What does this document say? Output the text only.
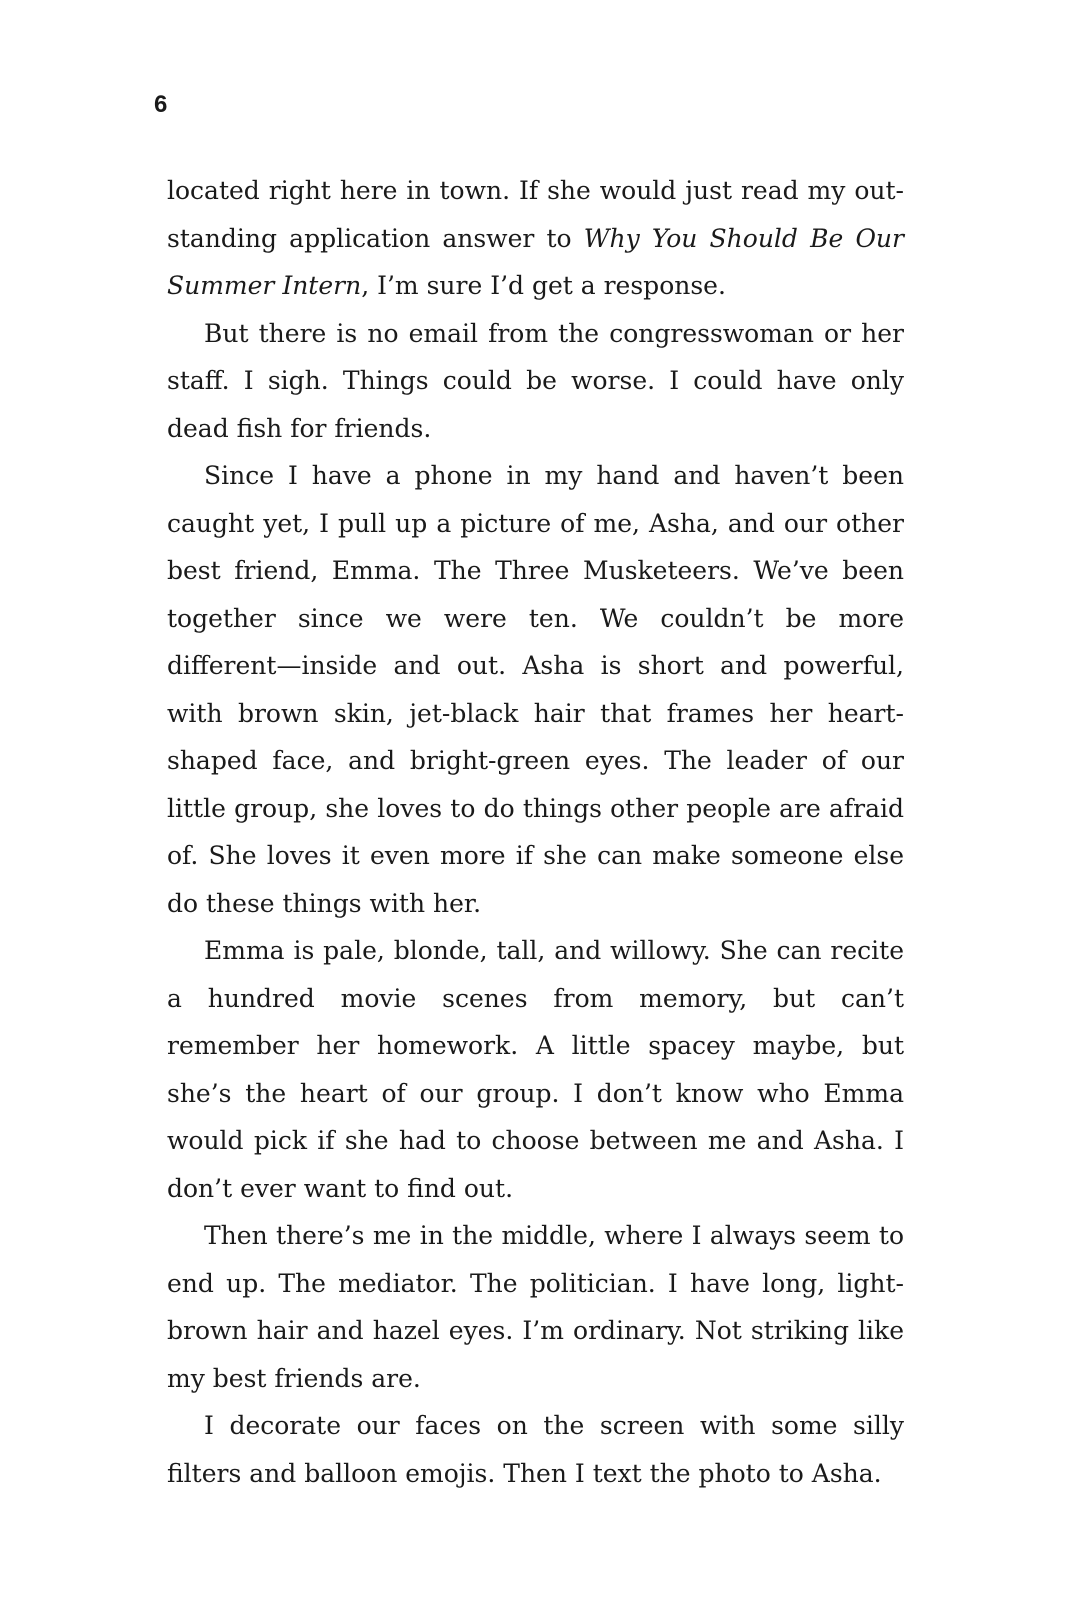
6

located right here in town. If she would just read my out-standing application answer to Why You Should Be Our Summer Intern, I’m sure I’d get a response.

But there is no email from the congresswoman or her staff. I sigh. Things could be worse. I could have only dead fish for friends.

Since I have a phone in my hand and haven’t been caught yet, I pull up a picture of me, Asha, and our other best friend, Emma. The Three Musketeers. We’ve been together since we were ten. We couldn’t be more different—inside and out. Asha is short and powerful, with brown skin, jet-black hair that frames her heart-shaped face, and bright-green eyes. The leader of our little group, she loves to do things other people are afraid of. She loves it even more if she can make someone else do these things with her.

Emma is pale, blonde, tall, and willowy. She can recite a hundred movie scenes from memory, but can’t remember her homework. A little spacey maybe, but she’s the heart of our group. I don’t know who Emma would pick if she had to choose between me and Asha. I don’t ever want to find out.

Then there’s me in the middle, where I always seem to end up. The mediator. The politician. I have long, light-brown hair and hazel eyes. I’m ordinary. Not striking like my best friends are.

I decorate our faces on the screen with some silly filters and balloon emojis. Then I text the photo to Asha.
